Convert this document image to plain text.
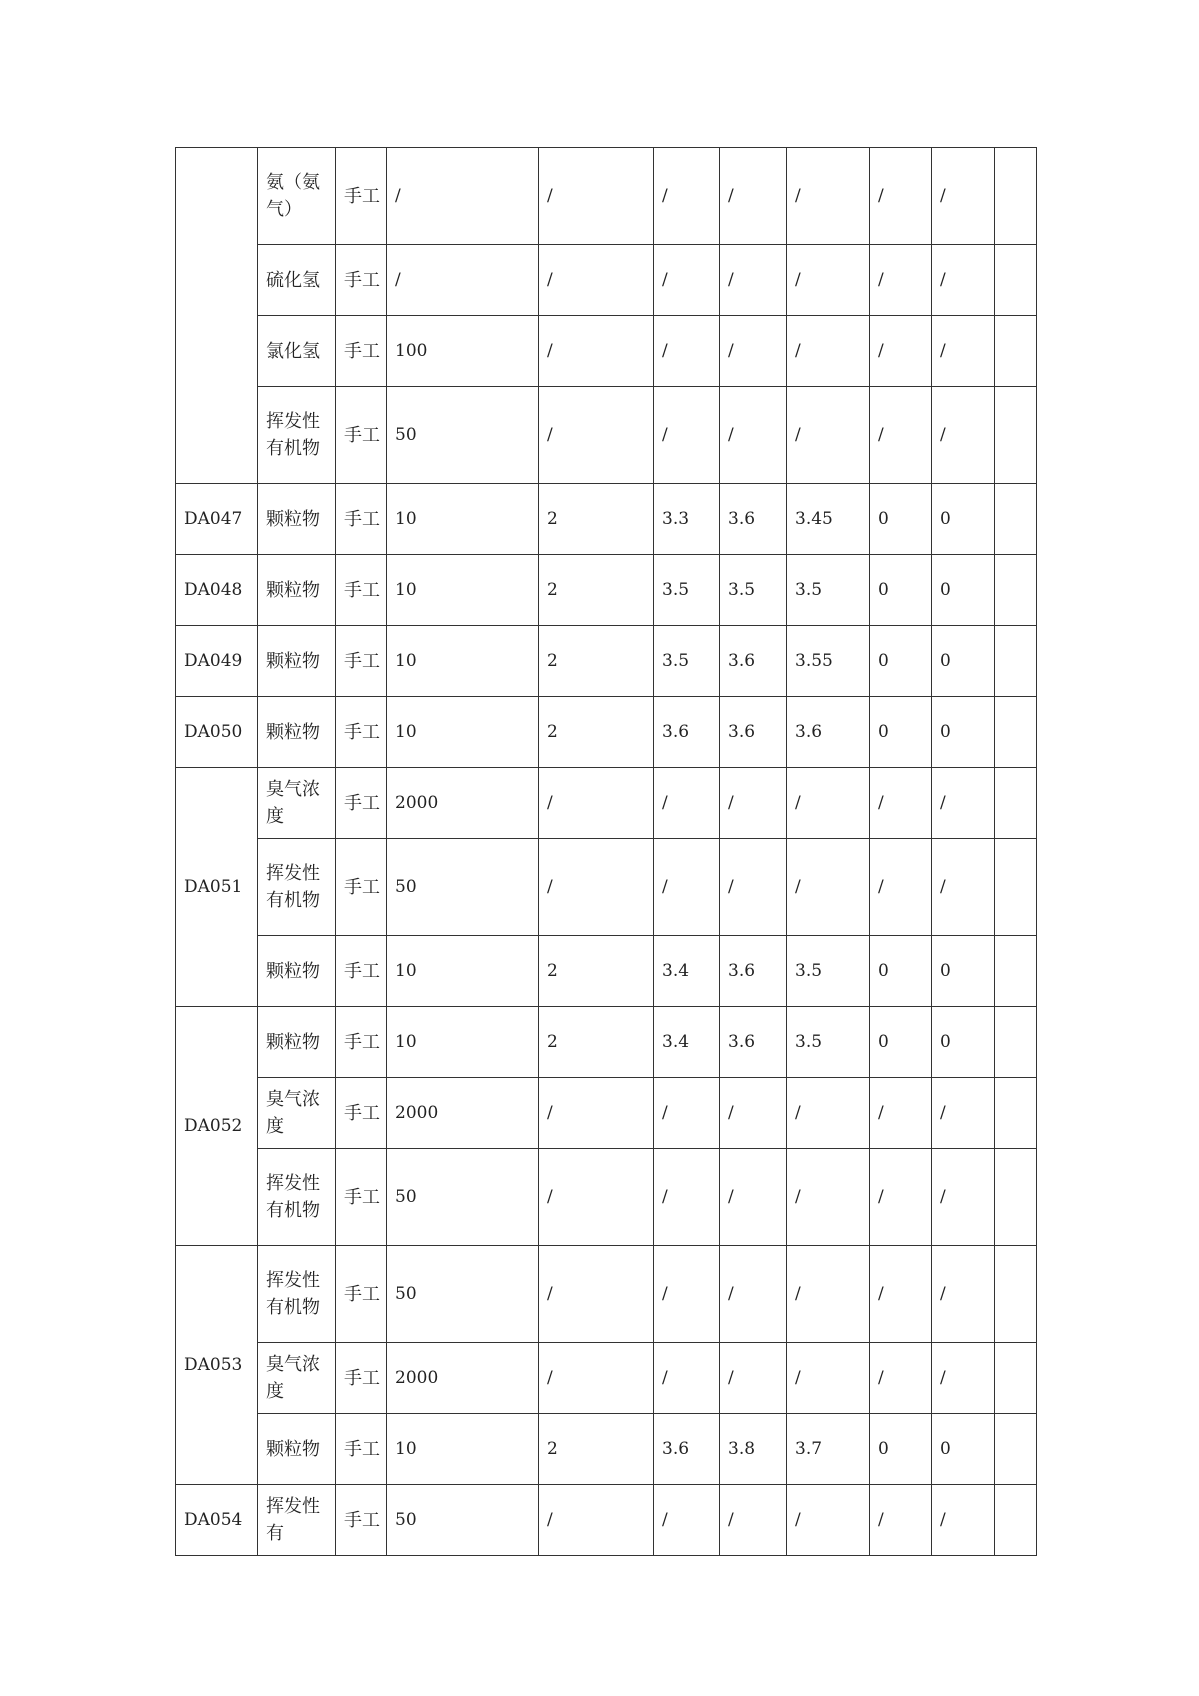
	氨（氨气）	手工	/	/	/	/	/	/	/	
	硫化氢	手工	/	/	/	/	/	/	/	
	氯化氢	手工	100	/	/	/	/	/	/	
	挥发性有机物	手工	50	/	/	/	/	/	/	
DA047	颗粒物	手工	10	2	3.3	3.6	3.45	0	0	
DA048	颗粒物	手工	10	2	3.5	3.5	3.5	0	0	
DA049	颗粒物	手工	10	2	3.5	3.6	3.55	0	0	
DA050	颗粒物	手工	10	2	3.6	3.6	3.6	0	0	
DA051	臭气浓度	手工	2000	/	/	/	/	/	/	
	挥发性有机物	手工	50	/	/	/	/	/	/	
	颗粒物	手工	10	2	3.4	3.6	3.5	0	0	
DA052	颗粒物	手工	10	2	3.4	3.6	3.5	0	0	
	臭气浓度	手工	2000	/	/	/	/	/	/	
	挥发性有机物	手工	50	/	/	/	/	/	/	
DA053	挥发性有机物	手工	50	/	/	/	/	/	/	
	臭气浓度	手工	2000	/	/	/	/	/	/	
	颗粒物	手工	10	2	3.6	3.8	3.7	0	0	
DA054	挥发性有	手工	50	/	/	/	/	/	/	
